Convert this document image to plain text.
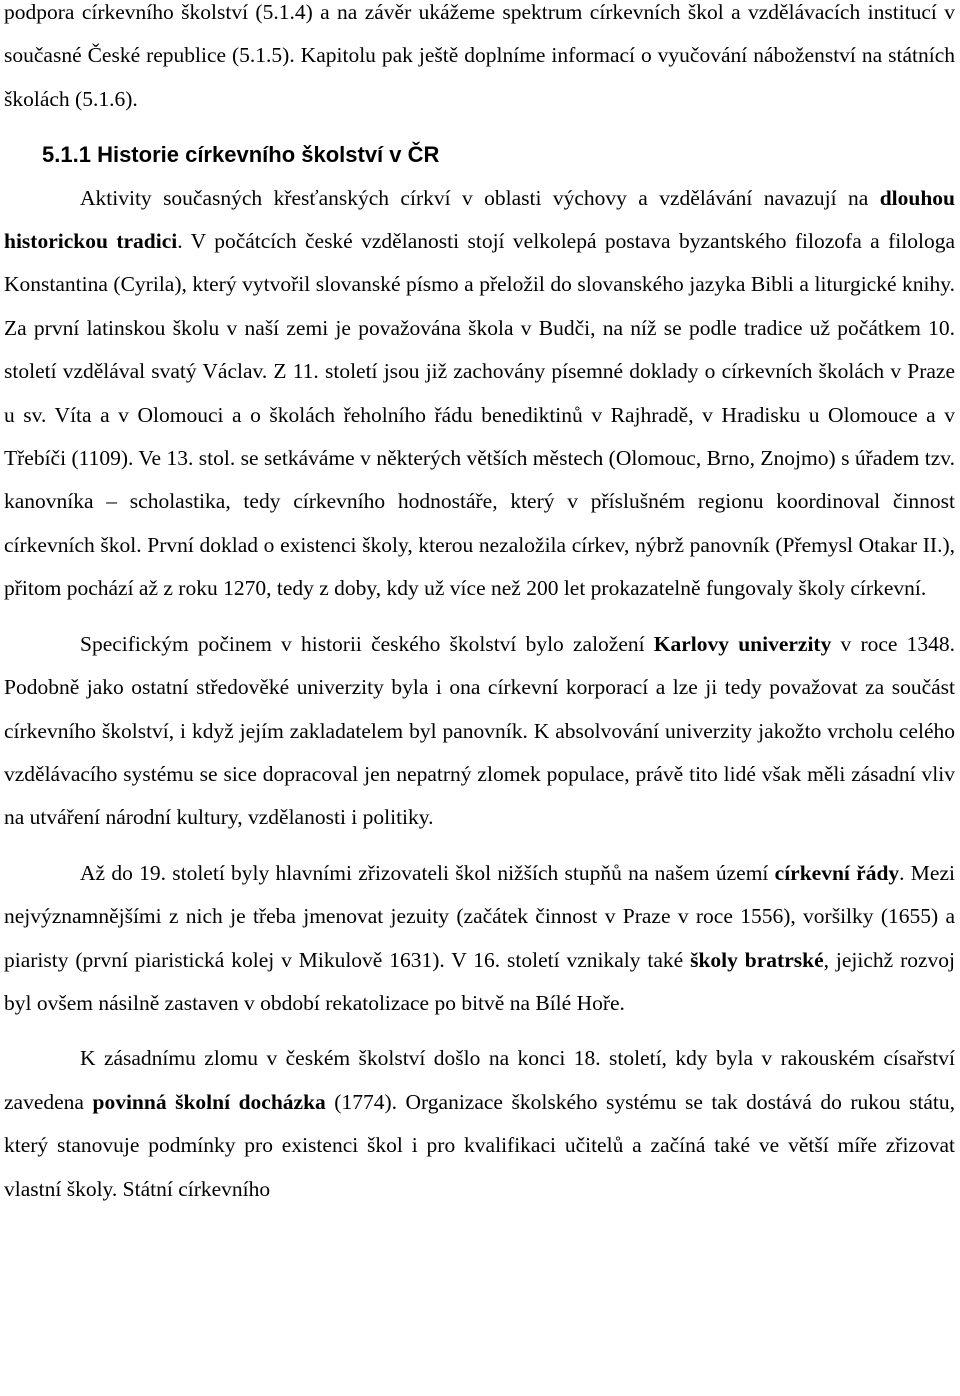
podpora církevního školství (5.1.4) a na závěr ukážeme spektrum církevních škol a vzdělávacích institucí v současné České republice (5.1.5). Kapitolu pak ještě doplníme informací o vyučování náboženství na státních školách (5.1.6).

5.1.1 Historie církevního školství v ČR

Aktivity současných křesťanských církví v oblasti výchovy a vzdělávání navazují na dlouhou historickou tradici. V počátcích české vzdělanosti stojí velkolepá postava byzantského filozofa a filologa Konstantina (Cyrila), který vytvořil slovanské písmo a přeložil do slovanského jazyka Bibli a liturgické knihy. Za první latinskou školu v naší zemi je považována škola v Budči, na níž se podle tradice už počátkem 10. století vzdělával svatý Václav. Z 11. století jsou již zachovány písemné doklady o církevních školách v Praze u sv. Víta a v Olomouci a o školách řeholního řádu benediktinů v Rajhradě, v Hradisku u Olomouce a v Třebíči (1109). Ve 13. stol. se setkáváme v některých větších městech (Olomouc, Brno, Znojmo) s úřadem tzv. kanovníka – scholastika, tedy církevního hodnostáře, který v příslušném regionu koordinoval činnost církevních škol. První doklad o existenci školy, kterou nezaložila církev, nýbrž panovník (Přemysl Otakar II.), přitom pochází až z roku 1270, tedy z doby, kdy už více než 200 let prokazatelně fungovaly školy církevní.

Specifickým počinem v historii českého školství bylo založení Karlovy univerzity v roce 1348. Podobně jako ostatní středověké univerzity byla i ona církevní korporací a lze ji tedy považovat za součást církevního školství, i když jejím zakladatelem byl panovník. K absolvování univerzity jakožto vrcholu celého vzdělávacího systému se sice dopracoval jen nepatrný zlomek populace, právě tito lidé však měli zásadní vliv na utváření národní kultury, vzdělanosti i politiky.

Až do 19. století byly hlavními zřizovateli škol nižších stupňů na našem území církevní řády. Mezi nejvýznamnějšími z nich je třeba jmenovat jezuity (začátek činnost v Praze v roce 1556), voršilky (1655) a piaristy (první piaristická kolej v Mikulově 1631). V 16. století vznikaly také školy bratrské, jejichž rozvoj byl ovšem násilně zastaven v období rekatolizace po bitvě na Bílé Hoře.

K zásadnímu zlomu v českém školství došlo na konci 18. století, kdy byla v rakouském císařství zavedena povinná školní docházka (1774). Organizace školského systému se tak dostává do rukou státu, který stanovuje podmínky pro existenci škol i pro kvalifikaci učitelů a začíná také ve větší míře zřizovat vlastní školy. Státní církevního
